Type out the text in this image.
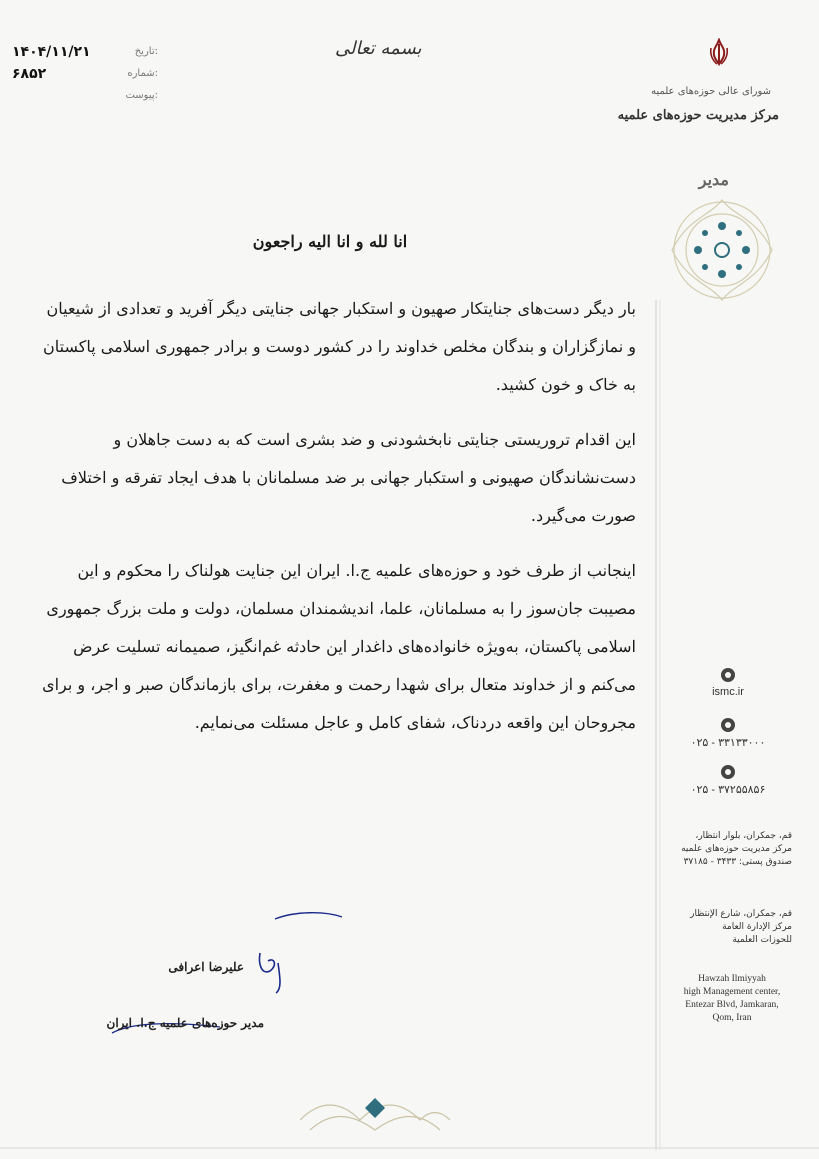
تاریخ:
۱۴۰۴/۱۱/۲۱
شماره:
۶۸۵۲
پیوست:
بسمه تعالی
شورای عالی حوزه‌های علمیه
مرکز مدیریت حوزه‌های علمیه
مدیر
انا لله و انا الیه راجعون

بار دیگر دست‌های جنایتکار صهیون و استکبار جهانی جنایتی دیگر آفرید و تعدادی از شیعیان و نمازگزاران و بندگان مخلص خداوند را در کشور دوست و برادر جمهوری اسلامی پاکستان به خاک و خون کشید.

این اقدام تروریستی جنایتی نابخشودنی و ضد بشری است که به دست جاهلان و دست‌نشاندگان صهیونی و استکبار جهانی بر ضد مسلمانان با هدف ایجاد تفرقه و اختلاف صورت می‌گیرد.

اینجانب از طرف خود و حوزه‌های علمیه ج.ا. ایران این جنایت هولناک را محکوم و این مصیبت جان‌سوز را به مسلمانان، علما، اندیشمندان مسلمان، دولت و ملت بزرگ جمهوری اسلامی پاکستان، به‌ویژه خانواده‌های داغدار این حادثه غم‌انگیز، صمیمانه تسلیت عرض می‌کنم و از خداوند متعال برای شهدا رحمت و مغفرت، برای بازماندگان صبر و اجر، و برای مجروحان این واقعه دردناک، شفای کامل و عاجل مسئلت می‌نمایم.

علیرضا اعرافی
مدیر حوزه‌های علمیه ج.ا. ایران
ismc.ir
۰۲۵ - ۳۳۱۳۳۰۰۰
۰۲۵ - ۳۷۲۵۵۸۵۶
قم، جمکران، بلوار انتظار،
مرکز مدیریت حوزه‌های علمیه
صندوق پستی: ۳۴۳۳ - ۳۷۱۸۵
قم، جمکران، شارع الإنتظار
مرکز الإدارة العامة
للحوزات العلمیة
Hawzah Ilmiyyah
high Management center,
Entezar Blvd, Jamkaran,
Qom, Iran
